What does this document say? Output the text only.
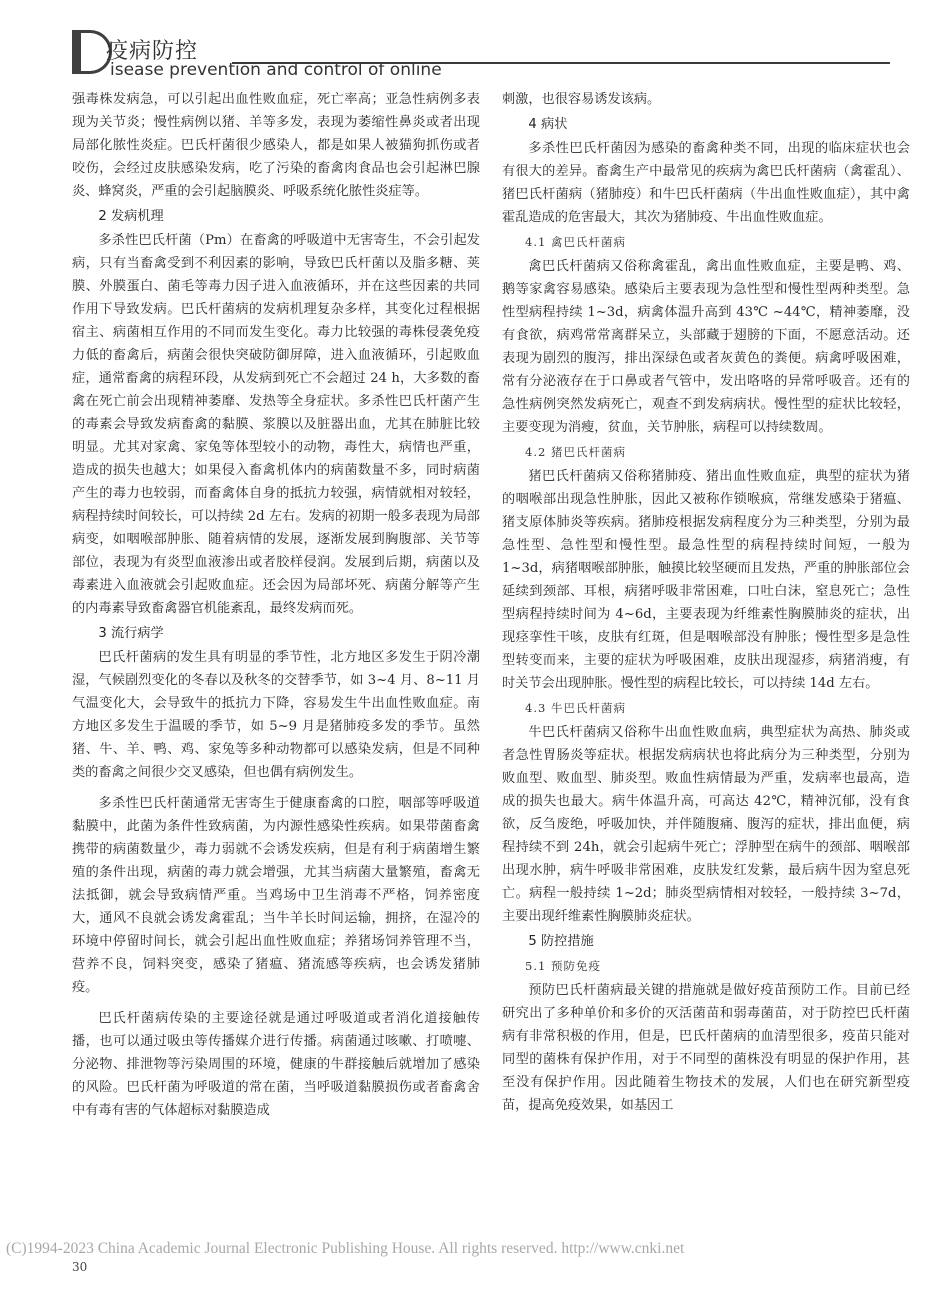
疫病防控
isease prevention and control of online

强毒株发病急，可以引起出血性败血症，死亡率高；亚急性病例多表现为关节炎；慢性病例以猪、羊等多发，表现为萎缩性鼻炎或者出现局部化脓性炎症。巴氏杆菌很少感染人，都是如果人被猫狗抓伤或者咬伤，会经过皮肤感染发病，吃了污染的畜禽肉食品也会引起淋巴腺炎、蜂窝炎，严重的会引起脑膜炎、呼吸系统化脓性炎症等。

2 发病机理

多杀性巴氏杆菌（Pm）在畜禽的呼吸道中无害寄生，不会引起发病，只有当畜禽受到不利因素的影响，导致巴氏杆菌以及脂多糖、荚膜、外膜蛋白、菌毛等毒力因子进入血液循环，并在这些因素的共同作用下导致发病。巴氏杆菌病的发病机理复杂多样，其变化过程根据宿主、病菌相互作用的不同而发生变化。毒力比较强的毒株侵袭免疫力低的畜禽后，病菌会很快突破防御屏障，进入血液循环，引起败血症，通常畜禽的病程环段，从发病到死亡不会超过 24 h，大多数的畜禽在死亡前会出现精神萎靡、发热等全身症状。多杀性巴氏杆菌产生的毒素会导致发病畜禽的黏膜、浆膜以及脏器出血，尤其在肺脏比较明显。尤其对家禽、家兔等体型较小的动物，毒性大，病情也严重，造成的损失也越大；如果侵入畜禽机体内的病菌数量不多，同时病菌产生的毒力也较弱，而畜禽体自身的抵抗力较强，病情就相对较轻，病程持续时间较长，可以持续 2d 左右。发病的初期一般多表现为局部病变，如咽喉部肿胀、随着病情的发展，逐渐发展到胸腹部、关节等部位，表现为有炎型血液渗出或者胶样侵润。发展到后期，病菌以及毒素进入血液就会引起败血症。还会因为局部坏死、病菌分解等产生的内毒素导致畜禽器官机能紊乱，最终发病而死。

3 流行病学

巴氏杆菌病的发生具有明显的季节性，北方地区多发生于阴冷潮湿，气候剧烈变化的冬春以及秋冬的交替季节，如 3~4 月、8~11 月气温变化大，会导致牛的抵抗力下降，容易发生牛出血性败血症。南方地区多发生于温暖的季节，如 5~9 月是猪肺疫多发的季节。虽然猪、牛、羊、鸭、鸡、家兔等多种动物都可以感染发病，但是不同种类的畜禽之间很少交叉感染，但也偶有病例发生。

多杀性巴氏杆菌通常无害寄生于健康畜禽的口腔，咽部等呼吸道黏膜中，此菌为条件性致病菌，为内源性感染性疾病。如果带菌畜禽携带的病菌数量少，毒力弱就不会诱发疾病，但是有利于病菌增生繁殖的条件出现，病菌的毒力就会增强，尤其当病菌大量繁殖，畜禽无法抵御，就会导致病情严重。当鸡场中卫生消毒不严格，饲养密度大，通风不良就会诱发禽霍乱；当牛羊长时间运输，拥挤，在湿冷的环境中停留时间长，就会引起出血性败血症；养猪场饲养管理不当，营养不良，饲料突变，感染了猪瘟、猪流感等疾病，也会诱发猪肺疫。

巴氏杆菌病传染的主要途径就是通过呼吸道或者消化道接触传播，也可以通过吸虫等传播媒介进行传播。病菌通过咳嗽、打喷嚏、分泌物、排泄物等污染周围的环境，健康的牛群接触后就增加了感染的风险。巴氏杆菌为呼吸道的常在菌，当呼吸道黏膜损伤或者畜禽舍中有毒有害的气体超标对黏膜造成

刺激，也很容易诱发该病。

4 病状

多杀性巴氏杆菌因为感染的畜禽种类不同，出现的临床症状也会有很大的差异。畜禽生产中最常见的疾病为禽巴氏杆菌病（禽霍乱）、猪巴氏杆菌病（猪肺疫）和牛巴氏杆菌病（牛出血性败血症），其中禽霍乱造成的危害最大，其次为猪肺疫、牛出血性败血症。

4.1 禽巴氏杆菌病

禽巴氏杆菌病又俗称禽霍乱，禽出血性败血症，主要是鸭、鸡、鹅等家禽容易感染。感染后主要表现为急性型和慢性型两种类型。急性型病程持续 1~3d，病禽体温升高到 43℃ ~44℃，精神萎靡，没有食欲，病鸡常常离群呆立，头部藏于翅膀的下面，不愿意活动。还表现为剧烈的腹泻，排出深绿色或者灰黄色的粪便。病禽呼吸困难，常有分泌液存在于口鼻或者气管中，发出咯咯的异常呼吸音。还有的急性病例突然发病死亡，观查不到发病病状。慢性型的症状比较轻，主要变现为消瘦，贫血，关节肿胀，病程可以持续数周。

4.2 猪巴氏杆菌病

猪巴氏杆菌病又俗称猪肺疫、猪出血性败血症，典型的症状为猪的咽喉部出现急性肿胀，因此又被称作锁喉疯，常继发感染于猪瘟、猪支原体肺炎等疾病。猪肺疫根据发病程度分为三种类型，分别为最急性型、急性型和慢性型。最急性型的病程持续时间短，一般为 1~3d，病猪咽喉部肿胀，触摸比较坚硬而且发热，严重的肿胀部位会延续到颈部、耳根，病猪呼吸非常困难，口吐白沫，窒息死亡；急性型病程持续时间为 4~6d，主要表现为纤维素性胸膜肺炎的症状，出现痉挛性干咳，皮肤有红斑，但是咽喉部没有肿胀；慢性型多是急性型转变而来，主要的症状为呼吸困难，皮肤出现湿疹，病猪消瘦，有时关节会出现肿胀。慢性型的病程比较长，可以持续 14d 左右。

4.3 牛巴氏杆菌病

牛巴氏杆菌病又俗称牛出血性败血病，典型症状为高热、肺炎或者急性胃肠炎等症状。根据发病病状也将此病分为三种类型，分别为败血型、败血型、肺炎型。败血性病情最为严重，发病率也最高，造成的损失也最大。病牛体温升高，可高达 42℃，精神沉郁，没有食欲，反刍废绝，呼吸加快，并伴随腹痛、腹泻的症状，排出血便，病程持续不到 24h，就会引起病牛死亡；浮肿型在病牛的颈部、咽喉部出现水肿，病牛呼吸非常困难，皮肤发红发紫，最后病牛因为窒息死亡。病程一般持续 1~2d；肺炎型病情相对较轻，一般持续 3~7d，主要出现纤维素性胸膜肺炎症状。

5 防控措施
5.1 预防免疫

预防巴氏杆菌病最关键的措施就是做好疫苗预防工作。目前已经研究出了多种单价和多价的灭活菌苗和弱毒菌苗，对于防控巴氏杆菌病有非常积极的作用，但是，巴氏杆菌病的血清型很多，疫苗只能对同型的菌株有保护作用，对于不同型的菌株没有明显的保护作用，甚至没有保护作用。因此随着生物技术的发展，人们也在研究新型疫苗，提高免疫效果，如基因工

(C)1994-2023 China Academic Journal Electronic Publishing House. All rights reserved. http://www.cnki.net
30
